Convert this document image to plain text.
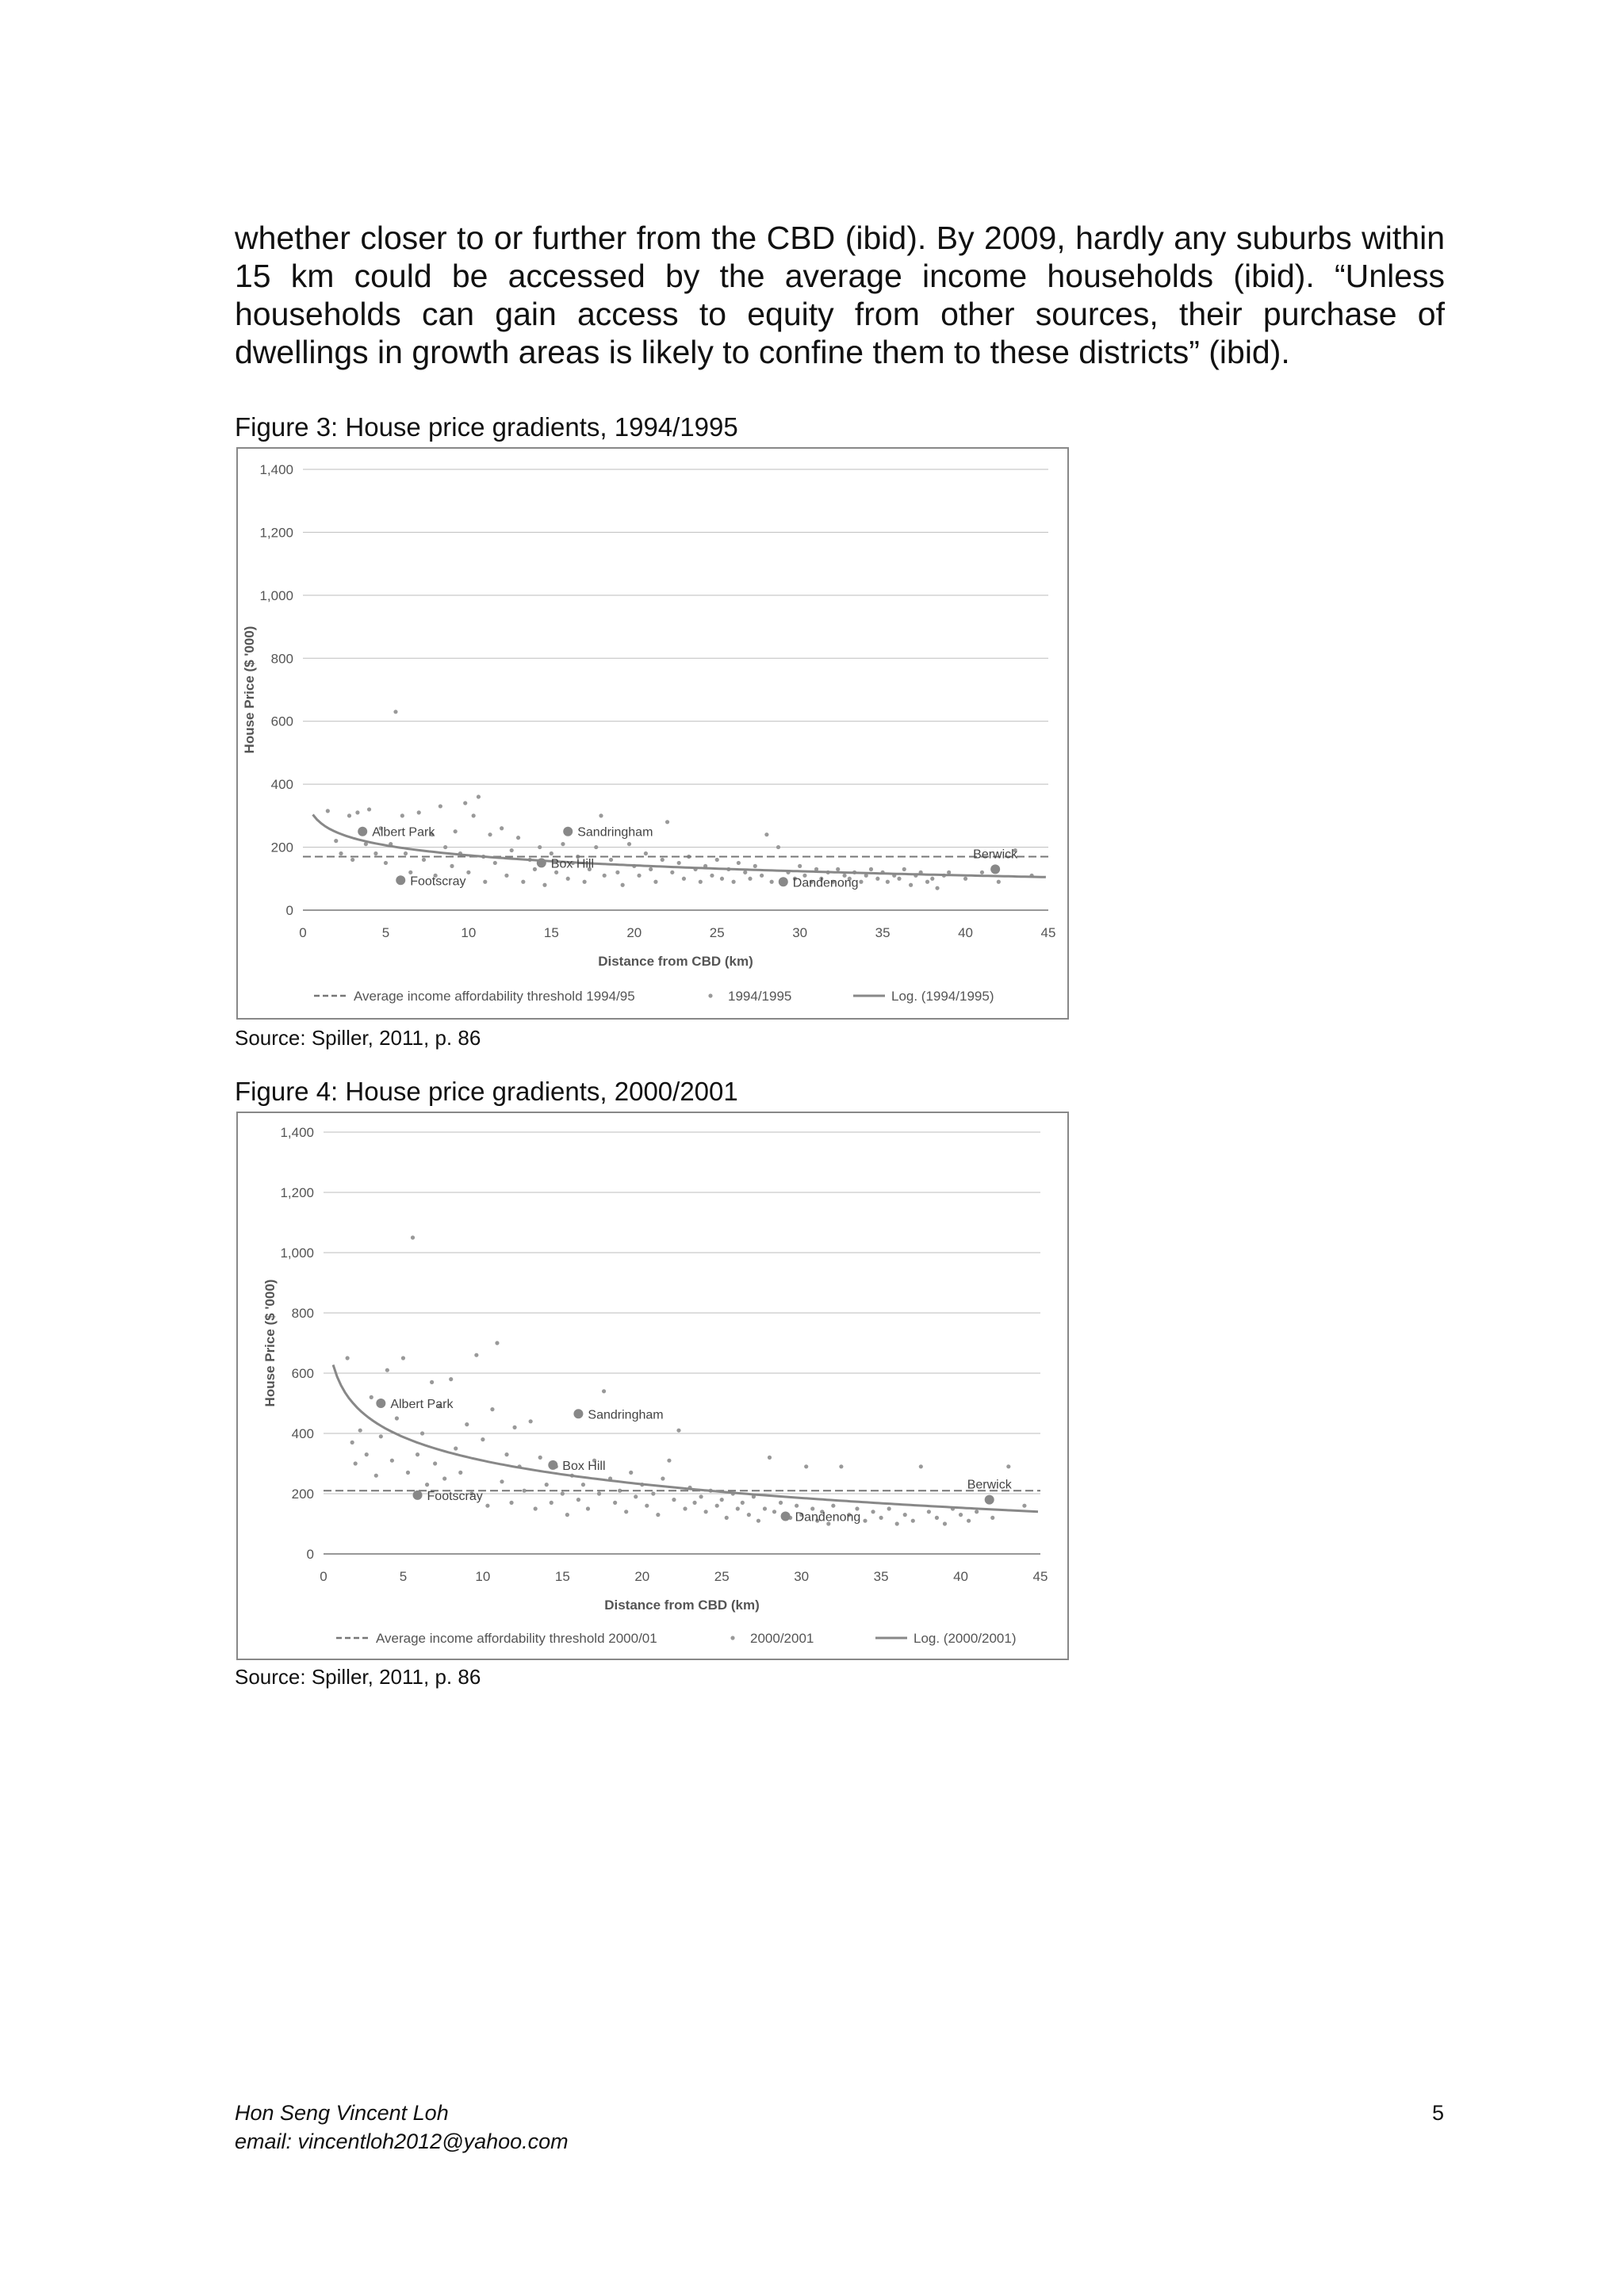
whether closer to or further from the CBD (ibid). By 2009, hardly any suburbs within 15 km could be accessed by the average income households (ibid). “Unless households can gain access to equity from other sources, their purchase of dwellings in growth areas is likely to confine them to these districts” (ibid).

Figure 3: House price gradients, 1994/1995

0
200
400
600
800
1,000
1,200
1,400
0	5	10	15	20	25	30	35	40	45
Distance from CBD (km)
House Price ($ '000)
Albert Park
Footscray
Sandringham
Box Hill
Dandenong
Berwick
Average income affordability threshold 1994/95	1994/1995	Log. (1994/1995)

Source: Spiller, 2011, p. 86

Figure 4: House price gradients, 2000/2001

0
200
400
600
800
1,000
1,200
1,400
0	5	10	15	20	25	30	35	40	45
Distance from CBD (km)
House Price ($ '000)	Albert Park
Footscray
Sandringham
Box Hill
Dandenong
Berwick
Average income affordability threshold 2000/01	2000/2001	Log. (2000/2001)

Source: Spiller, 2011, p. 86

Hon Seng Vincent Loh

email: vincentloh2012@yahoo.com

5
